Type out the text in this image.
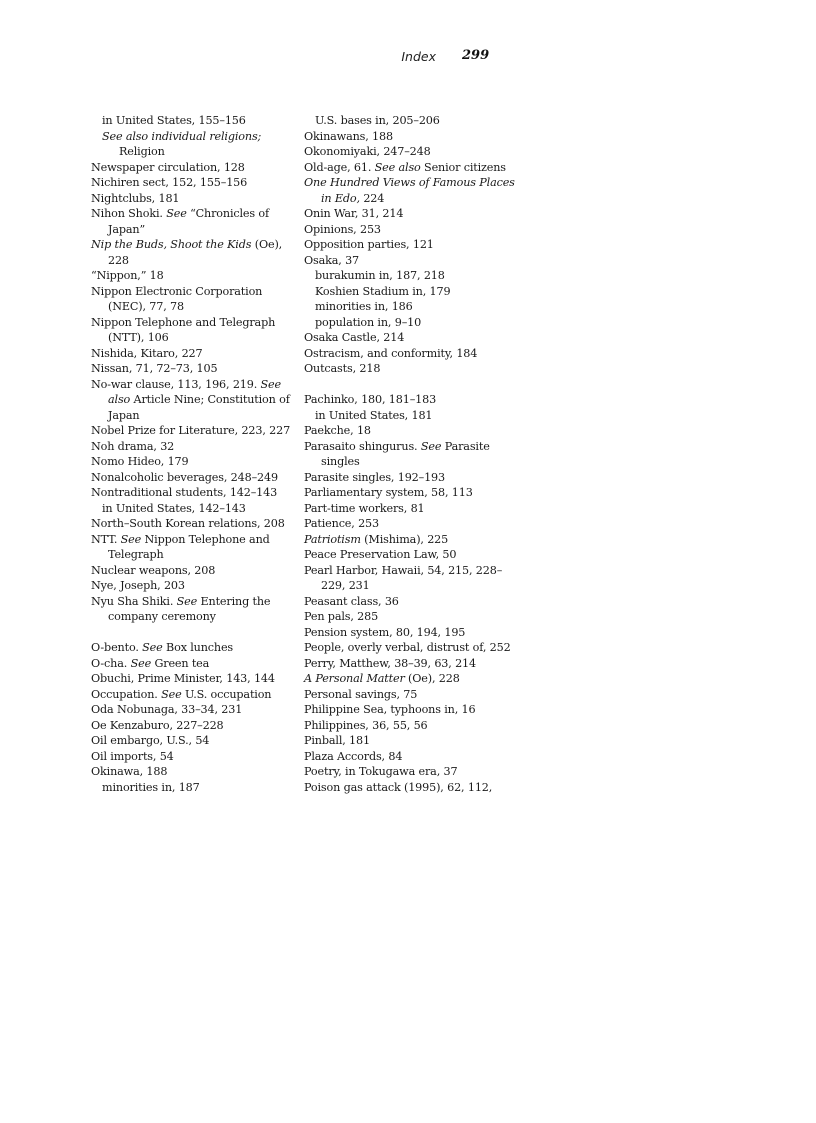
Index 299
in United States, 155–156
See also individual religions; Religion
Newspaper circulation, 128
Nichiren sect, 152, 155–156
Nightclubs, 181
Nihon Shoki. See “Chronicles of Japan”
Nip the Buds, Shoot the Kids (Oe), 228
“Nippon,” 18
Nippon Electronic Corporation (NEC), 77, 78
Nippon Telephone and Telegraph (NTT), 106
Nishida, Kitaro, 227
Nissan, 71, 72–73, 105
No-war clause, 113, 196, 219. See also Article Nine; Constitution of Japan
Nobel Prize for Literature, 223, 227
Noh drama, 32
Nomo Hideo, 179
Nonalcoholic beverages, 248–249
Nontraditional students, 142–143
in United States, 142–143
North–South Korean relations, 208
NTT. See Nippon Telephone and Telegraph
Nuclear weapons, 208
Nye, Joseph, 203
Nyu Sha Shiki. See Entering the company ceremony
O-bento. See Box lunches
O-cha. See Green tea
Obuchi, Prime Minister, 143, 144
Occupation. See U.S. occupation
Oda Nobunaga, 33–34, 231
Oe Kenzaburo, 227–228
Oil embargo, U.S., 54
Oil imports, 54
Okinawa, 188
minorities in, 187
U.S. bases in, 205–206
Okinawans, 188
Okonomiyaki, 247–248
Old-age, 61. See also Senior citizens
One Hundred Views of Famous Places in Edo, 224
Onin War, 31, 214
Opinions, 253
Opposition parties, 121
Osaka, 37
burakumin in, 187, 218
Koshien Stadium in, 179
minorities in, 186
population in, 9–10
Osaka Castle, 214
Ostracism, and conformity, 184
Outcasts, 218
Pachinko, 180, 181–183
in United States, 181
Paekche, 18
Parasaito shingurus. See Parasite singles
Parasite singles, 192–193
Parliamentary system, 58, 113
Part-time workers, 81
Patience, 253
Patriotism (Mishima), 225
Peace Preservation Law, 50
Pearl Harbor, Hawaii, 54, 215, 228–229, 231
Peasant class, 36
Pen pals, 285
Pension system, 80, 194, 195
People, overly verbal, distrust of, 252
Perry, Matthew, 38–39, 63, 214
A Personal Matter (Oe), 228
Personal savings, 75
Philippine Sea, typhoons in, 16
Philippines, 36, 55, 56
Pinball, 181
Plaza Accords, 84
Poetry, in Tokugawa era, 37
Poison gas attack (1995), 62, 112,
